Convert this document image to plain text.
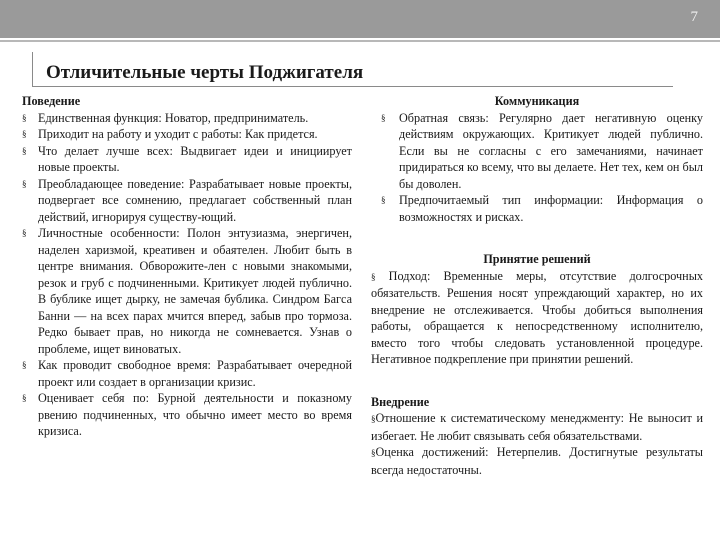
7
Отличительные черты Поджигателя

Поведение

§ Единственная функция: Новатор, предприниматель.
§ Приходит на работу и уходит с работы: Как придется.
§ Что делает лучше всех: Выдвигает идеи и инициирует новые проекты.
§ Преобладающее поведение: Разрабатывает новые проекты, подвергает все сомнению, предлагает собственный план действий, игнорируя существу-ющий.
§ Личностные особенности: Полон энтузиазма, энергичен, наделен харизмой, креативен и обаятелен. Любит быть в центре внимания. Обворожите-лен с новыми знакомыми, резок и груб с подчиненными. Критикует людей публично. В бублике ищет дырку, не замечая бублика. Синдром Багса Банни — на всех парах мчится вперед, забыв про тормоза. Редко бывает прав, но никогда не сомневается. Узнав о проблеме, ищет виноватых.
§ Как проводит свободное время: Разрабатывает очередной проект или создает в организации кризис.
§ Оценивает себя по: Бурной деятельности и показному рвению подчиненных, что обычно имеет место во время кризиса.

Коммуникация

§ Обратная связь: Регулярно дает негативную оценку действиям окружающих. Критикует людей публично. Если вы не согласны с его замечаниями, начинает придираться ко всему, что вы делаете. Нет тех, кем он был бы доволен.
§ Предпочитаемый тип информации: Информация о возможностях и рисках.

Принятие решений

§ Подход: Временные меры, отсутствие долгосрочных обязательств. Решения носят упреждающий характер, но их внедрение не отслеживается. Чтобы добиться выполнения работы, обращается к непосредственному исполнителю, вместо того чтобы следовать установленной процедуре. Негативное подкрепление при принятии решений.

Внедрение

§Отношение к систематическому менеджменту: Не выносит и избегает. Не любит связывать себя обязательствами.

§Оценка достижений: Нетерпелив. Достигнутые результаты всегда недостаточны.
